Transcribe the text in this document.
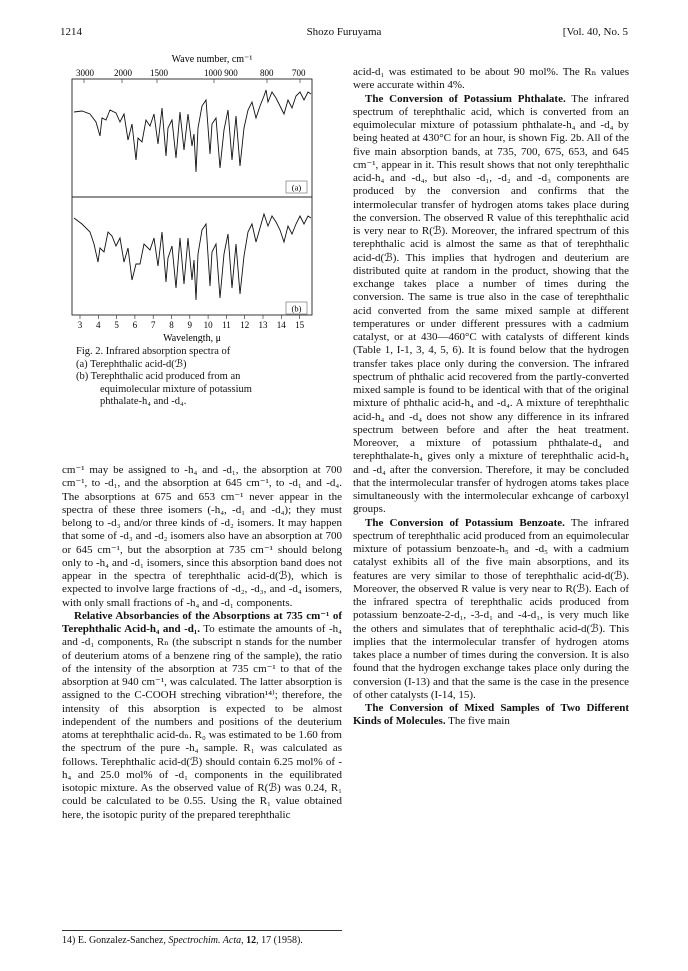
1214	Shozo Furuyama	[Vol. 40, No. 5
Wave number, cm⁻¹
3000 2000 1500	1000 900 800 700
(a)
(b)
3 4 5 6 7 8 9 10 11 12 13 14 15
Wavelength, μ
Fig. 2. Infrared absorption spectra of
(a) Terephthalic acid-d(ℬ)
(b) Terephthalic acid produced from an
equimolecular mixture of potassium
phthalate-h₄ and -d₄.

cm⁻¹ may be assigned to -h₄ and -d₁, the absorption at 700 cm⁻¹, to -d₁, and the absorption at 645 cm⁻¹, to -d₁ and -d₄. The absorptions at 675 and 653 cm⁻¹ never appear in the spectra of these three isomers (-h₄, -d₁ and -d₄); they must belong to -d₃ and/or three kinds of -d₂ isomers. It may happen that some of -d₃ and -d₂ isomers also have an absorption at 700 or 645 cm⁻¹, but the absorption at 735 cm⁻¹ should belong only to -h₄ and -d₁ isomers, since this absorption band does not appear in the spectra of terephthalic acid-d(ℬ), which is expected to involve large fractions of -d₂, -d₃, and -d₄ isomers, with only small fractions of -h₄ and -d₁ components.

Relative Absorbancies of the Absorptions at 735 cm⁻¹ of Terephthalic Acid-h₄ and -d₁. To estimate the amounts of -h₄ and -d₁ components, Rₙ (the subscript n stands for the number of deuterium atoms of a benzene ring of the sample), the ratio of the intensity of the absorption at 735 cm⁻¹ to that of the absorption at 940 cm⁻¹, was calculated. The latter absorption is assigned to the C-COOH streching vibration¹⁴⁾; therefore, the intensity of this absorption is expected to be almost independent of the numbers and positions of the deuterium atoms at terephthalic acid-dₙ. R₀ was estimated to be 1.60 from the spectrum of the pure -h₄ sample. R₁ was calculated as follows. Terephthalic acid-d(ℬ) should contain 6.25 mol% of -h₄ and 25.0 mol% of -d₁ components in the equilibrated isotopic mixture. As the observed value of R(ℬ) was 0.24, R₁ could be calculated to be 0.55. Using the R₁ value obtained here, the isotopic purity of the prepared terephthalic

acid-d₁ was estimated to be about 90 mol%. The Rₙ values were accurate within 4%.

The Conversion of Potassium Phthalate. The infrared spectrum of terephthalic acid, which is converted from an equimolecular mixture of potassium phthalate-h₄ and -d₄ by being heated at 430°C for an hour, is shown Fig. 2b. All of the five main absorption bands, at 735, 700, 675, 653, and 645 cm⁻¹, appear in it. This result shows that not only terephthalic acid-h₄ and -d₄, but also -d₁, -d₂ and -d₃ components are produced by the conversion and confirms that the intermolecular transfer of hydrogen atoms takes place during the conversion. The observed R value of this terephthalic acid is very near to R(ℬ). Moreover, the infrared spectrum of this terephthalic acid is almost the same as that of terephthalic acid-d(ℬ). This implies that hydrogen and deuterium are distributed quite at random in the product, showing that the exchange takes place a number of times during the conversion. The same is true also in the case of terephthalic acid converted from the same mixed sample at different temperatures or under different pressures with a cadmium catalyst, or at 430—460°C with catalysts of different kinds (Table 1, I-1, 3, 4, 5, 6). It is found below that the hydrogen transfer takes place only during the conversion. The infrared spectrum of phthalic acid recovered from the partly-converted mixed sample is found to be identical with that of the original mixture of phthalic acid-h₄ and -d₄. A mixture of terephthalic acid-h₄ and -d₄ does not show any difference in its infrared spectrum between before and after the heat treatment. Moreover, a mixture of potassium phthalate-d₄ and terephthalate-h₄ gives only a mixture of terephthalic acid-h₄ and -d₄ after the conversion. Therefore, it may be concluded that the intermolecular transfer of hydrogen atoms takes place simultaneously with the intermolecular exhcange of carboxyl groups.

The Conversion of Potassium Benzoate. The infrared spectrum of terephthalic acid produced from an equimolecular mixture of potassium benzoate-h₅ and -d₅ with a cadmium catalyst exhibits all of the five main absorptions, and its features are very similar to those of terephthalic acid-d(ℬ). Moreover, the observed R value is very near to R(ℬ). Each of the infrared spectra of terephthalic acids produced from potassium benzoate-2-d₁, -3-d₁ and -4-d₁, is very much like the others and simulates that of terephthalic acid-d(ℬ). This implies that the intermolecular transfer of hydrogen atoms takes place a number of times during the conversion. It is also found that the hydrogen exchange takes place only during the conversion (I-13) and that the same is the case in the presence of other catalysts (I-14, 15).

The Conversion of Mixed Samples of Two Different Kinds of Molecules. The five main

14) E. Gonzalez-Sanchez, Spectrochim. Acta, 12, 17 (1958).
